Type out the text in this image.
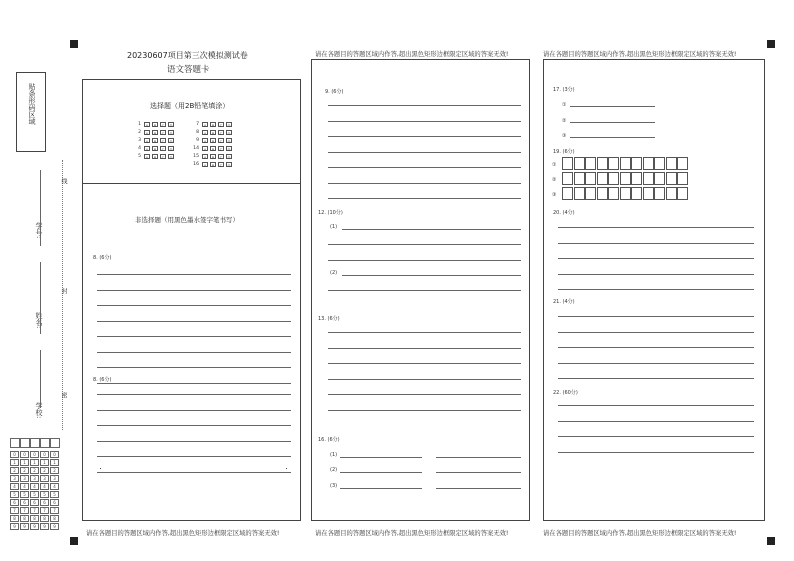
20230607项目第三次模拟测试卷
语文答题卡
请在各题目的答题区域内作答,超出黑色矩形边框限定区域的答案无效!	请在各题目的答题区域内作答,超出黑色矩形边框限定区域的答案无效!
请在各题目的答题区域内作答,超出黑色矩形边框限定区域的答案无效!	请在各题目的答题区域内作答,超出黑色矩形边框限定区域的答案无效!	请在各题目的答题区域内作答,超出黑色矩形边框限定区域的答案无效!
贴条形码区域
学号:
姓名:
学校:
线
封
密
0	0	0	0	0
1	1	1	1	1
2	2	2	2	2
3	3	3	3	3
4	4	4	4	4
5	5	5	5	5
6	6	6	6	6
7	7	7	7	7
8	8	8	8	8
9	9	9	9	9
选择题（用2B铅笔填涂）
1	A	B	C	D
2	A	B	C	D
3	A	B	C	D
4	A	B	C	D
5	A	B	C	D
7	A	B	C	D
8	A	B	C	D
9	A	B	C	D
14	A	B	C	D
15	A	B	C	D
16	A	B	C	D
非选择题（用黑色墨水签字笔书写）
8. (6分)
8. (6分)
9. (6分)
12. (10分)
(1)
(2)
13. (6分)
16. (6分)
(1)
(2)
(3)
17. (3分)
①
②
③
19. (6分)
①
②
③
20. (4分)
21. (4分)
22. (60分)
